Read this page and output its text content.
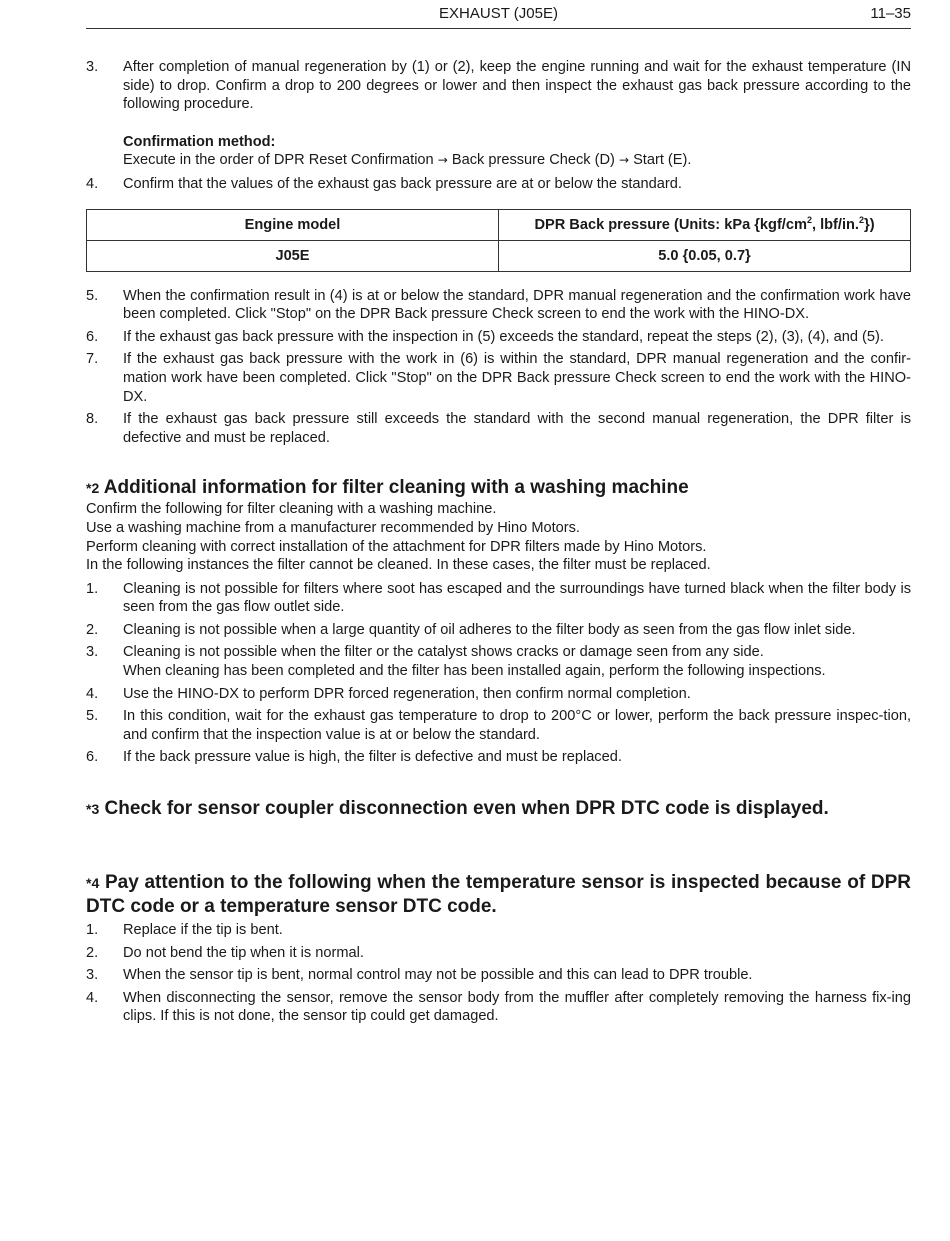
EXHAUST (J05E)	11–35
3.	After completion of manual regeneration by (1) or (2), keep the engine running and wait for the exhaust temperature (IN side) to drop. Confirm a drop to 200 degrees or lower and then inspect the exhaust gas back pressure according to the following procedure.
Confirmation method:
Execute in the order of DPR Reset Confirmation → Back pressure Check (D) → Start (E).
4.	Confirm that the values of the exhaust gas back pressure are at or below the standard.
Engine model	DPR Back pressure (Units: kPa {$kgf/cm^2$, lbf/in.$^2$})
J05E	5.0 {0.05, 0.7}
5.	When the confirmation result in (4) is at or below the standard, DPR manual regeneration and the confirmation work have been completed. Click "Stop" on the DPR Back pressure Check screen to end the work with the HINO-DX.
6.	If the exhaust gas back pressure with the inspection in (5) exceeds the standard, repeat the steps (2), (3), (4), and (5).
7.	If the exhaust gas back pressure with the work in (6) is within the standard, DPR manual regeneration and the confir-mation work have been completed. Click "Stop" on the DPR Back pressure Check screen to end the work with the HINO-DX.
8.	If the exhaust gas back pressure still exceeds the standard with the second manual regeneration, the DPR filter is defective and must be replaced.
*2 Additional information for filter cleaning with a washing machine
Confirm the following for filter cleaning with a washing machine.
Use a washing machine from a manufacturer recommended by Hino Motors.
Perform cleaning with correct installation of the attachment for DPR filters made by Hino Motors.
In the following instances the filter cannot be cleaned. In these cases, the filter must be replaced.
1.	Cleaning is not possible for filters where soot has escaped and the surroundings have turned black when the filter body is seen from the gas flow outlet side.
2.	Cleaning is not possible when a large quantity of oil adheres to the filter body as seen from the gas flow inlet side.
3.	Cleaning is not possible when the filter or the catalyst shows cracks or damage seen from any side.
When cleaning has been completed and the filter has been installed again, perform the following inspections.
4.	Use the HINO-DX to perform DPR forced regeneration, then confirm normal completion.
5.	In this condition, wait for the exhaust gas temperature to drop to 200°C or lower, perform the back pressure inspec-tion, and confirm that the inspection value is at or below the standard.
6.	If the back pressure value is high, the filter is defective and must be replaced.
*3 Check for sensor coupler disconnection even when DPR DTC code is displayed.
*4 Pay attention to the following when the temperature sensor is inspected because of DPR DTC code or a temperature sensor DTC code.
1.	Replace if the tip is bent.
2.	Do not bend the tip when it is normal.
3.	When the sensor tip is bent, normal control may not be possible and this can lead to DPR trouble.
4.	When disconnecting the sensor, remove the sensor body from the muffler after completely removing the harness fix-ing clips. If this is not done, the sensor tip could get damaged.
